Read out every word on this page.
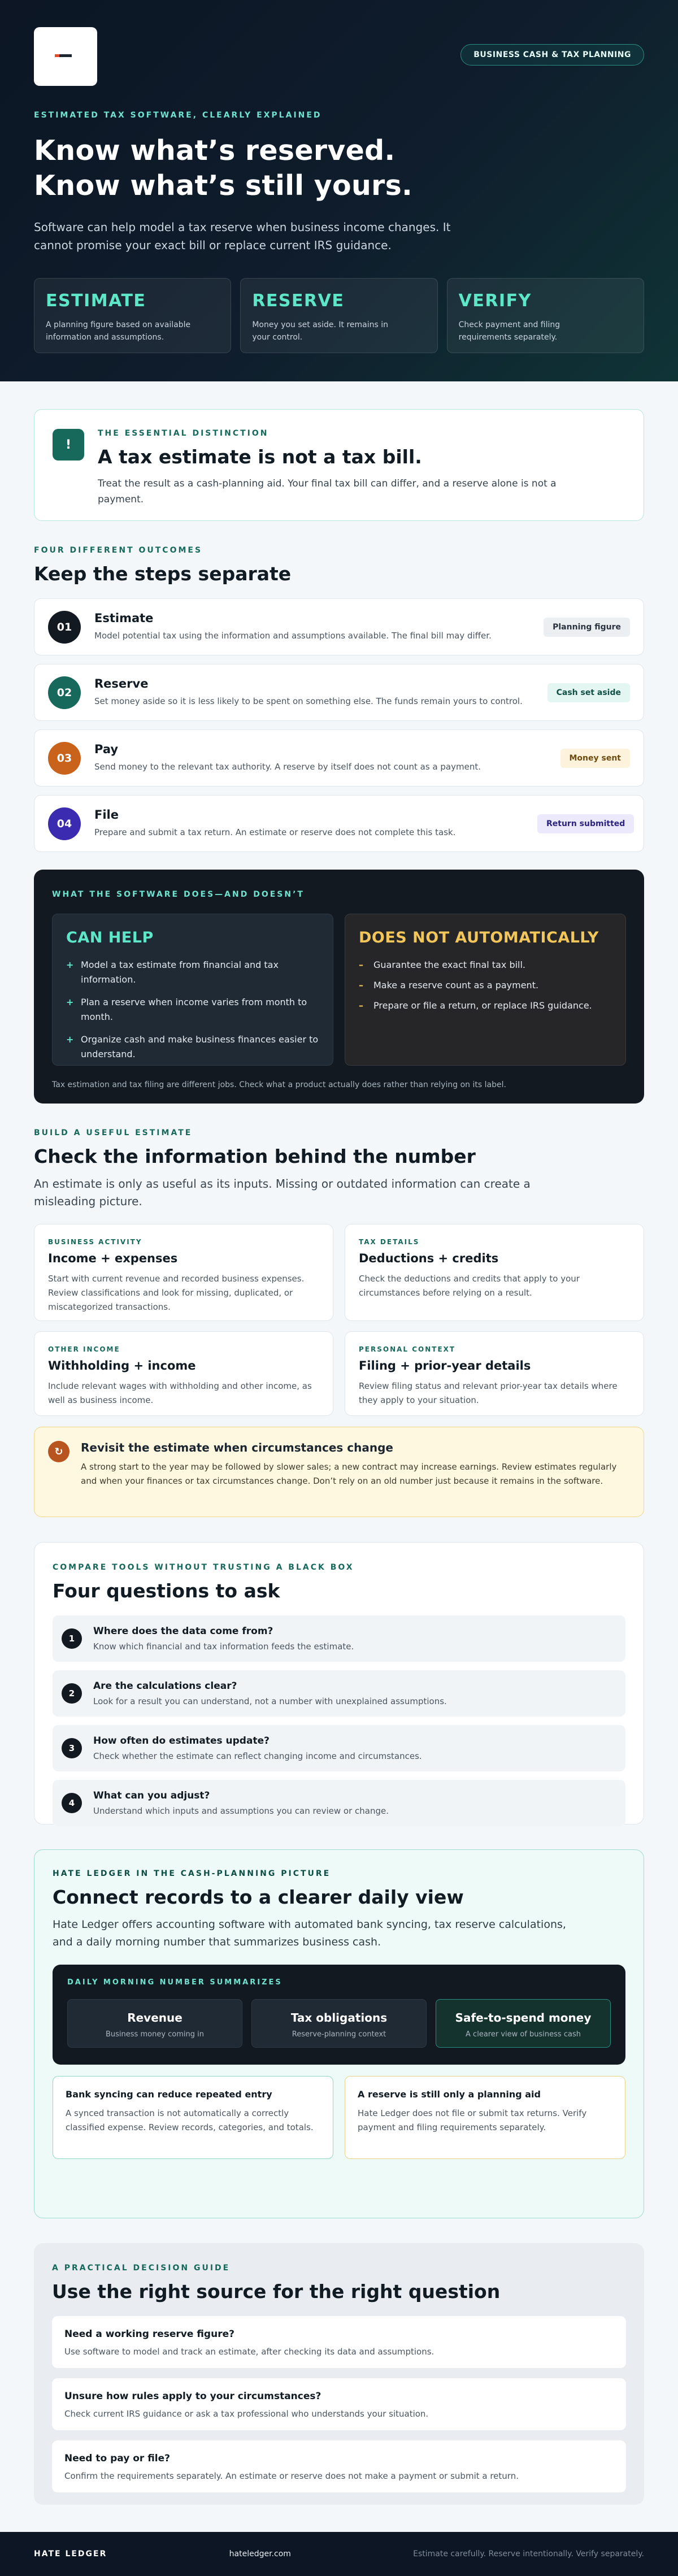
BUSINESS CASH & TAX PLANNING
ESTIMATED TAX SOFTWARE, CLEARLY EXPLAINED
Know what’s reserved.
Know what’s still yours.

Software can help model a tax reserve when business income changes. It cannot promise your exact bill or replace current IRS guidance.

ESTIMATE
A planning figure based on available information and assumptions.
RESERVE
Money you set aside. It remains in your control.
VERIFY
Check payment and filing requirements separately.
!
THE ESSENTIAL DISTINCTION
A tax estimate is not a tax bill.

Treat the result as a cash-planning aid. Your final tax bill can differ, and a reserve alone is not a payment.

FOUR DIFFERENT OUTCOMES
Keep the steps separate
01
Estimate
Model potential tax using the information and assumptions available. The final bill may differ.
Planning figure
02
Reserve
Set money aside so it is less likely to be spent on something else. The funds remain yours to control.
Cash set aside
03
Pay
Send money to the relevant tax authority. A reserve by itself does not count as a payment.
Money sent
04
File
Prepare and submit a tax return. An estimate or reserve does not complete this task.
Return submitted
WHAT THE SOFTWARE DOES—AND DOESN’T
CAN HELP
+ Model a tax estimate from financial and tax information.
+ Plan a reserve when income varies from month to month.
+ Organize cash and make business finances easier to understand.
DOES NOT AUTOMATICALLY
– Guarantee the exact final tax bill.
– Make a reserve count as a payment.
– Prepare or file a return, or replace IRS guidance.

Tax estimation and tax filing are different jobs. Check what a product actually does rather than relying on its label.

BUILD A USEFUL ESTIMATE
Check the information behind the number

An estimate is only as useful as its inputs. Missing or outdated information can create a misleading picture.

BUSINESS ACTIVITY
Income + expenses
Start with current revenue and recorded business expenses. Review classifications and look for missing, duplicated, or miscategorized transactions.
TAX DETAILS
Deductions + credits
Check the deductions and credits that apply to your circumstances before relying on a result.
OTHER INCOME
Withholding + income
Include relevant wages with withholding and other income, as well as business income.
PERSONAL CONTEXT
Filing + prior-year details
Review filing status and relevant prior-year tax details where they apply to your situation.
↻	Revisit the estimate when circumstances change

A strong start to the year may be followed by slower sales; a new contract may increase earnings. Review estimates regularly and when your finances or tax circumstances change. Don’t rely on an old number just because it remains in the software.

COMPARE TOOLS WITHOUT TRUSTING A BLACK BOX
Four questions to ask
1
Where does the data come from?
Know which financial and tax information feeds the estimate.
2
Are the calculations clear?
Look for a result you can understand, not a number with unexplained assumptions.
3
How often do estimates update?
Check whether the estimate can reflect changing income and circumstances.
4
What can you adjust?
Understand which inputs and assumptions you can review or change.
HATE LEDGER IN THE CASH-PLANNING PICTURE
Connect records to a clearer daily view

Hate Ledger offers accounting software with automated bank syncing, tax reserve calculations, and a daily morning number that summarizes business cash.

DAILY MORNING NUMBER SUMMARIZES
Revenue
Business money coming in
Tax obligations
Reserve-planning context
Safe-to-spend money
A clearer view of business cash
Bank syncing can reduce repeated entry

A synced transaction is not automatically a correctly classified expense. Review records, categories, and totals.

A reserve is still only a planning aid

Hate Ledger does not file or submit tax returns. Verify payment and filing requirements separately.

A PRACTICAL DECISION GUIDE
Use the right source for the right question
Need a working reserve figure?
Use software to model and track an estimate, after checking its data and assumptions.
Unsure how rules apply to your circumstances?
Check current IRS guidance or ask a tax professional who understands your situation.
Need to pay or file?
Confirm the requirements separately. An estimate or reserve does not make a payment or submit a return.
HATE LEDGER	hateledger.com	Estimate carefully. Reserve intentionally. Verify separately.
